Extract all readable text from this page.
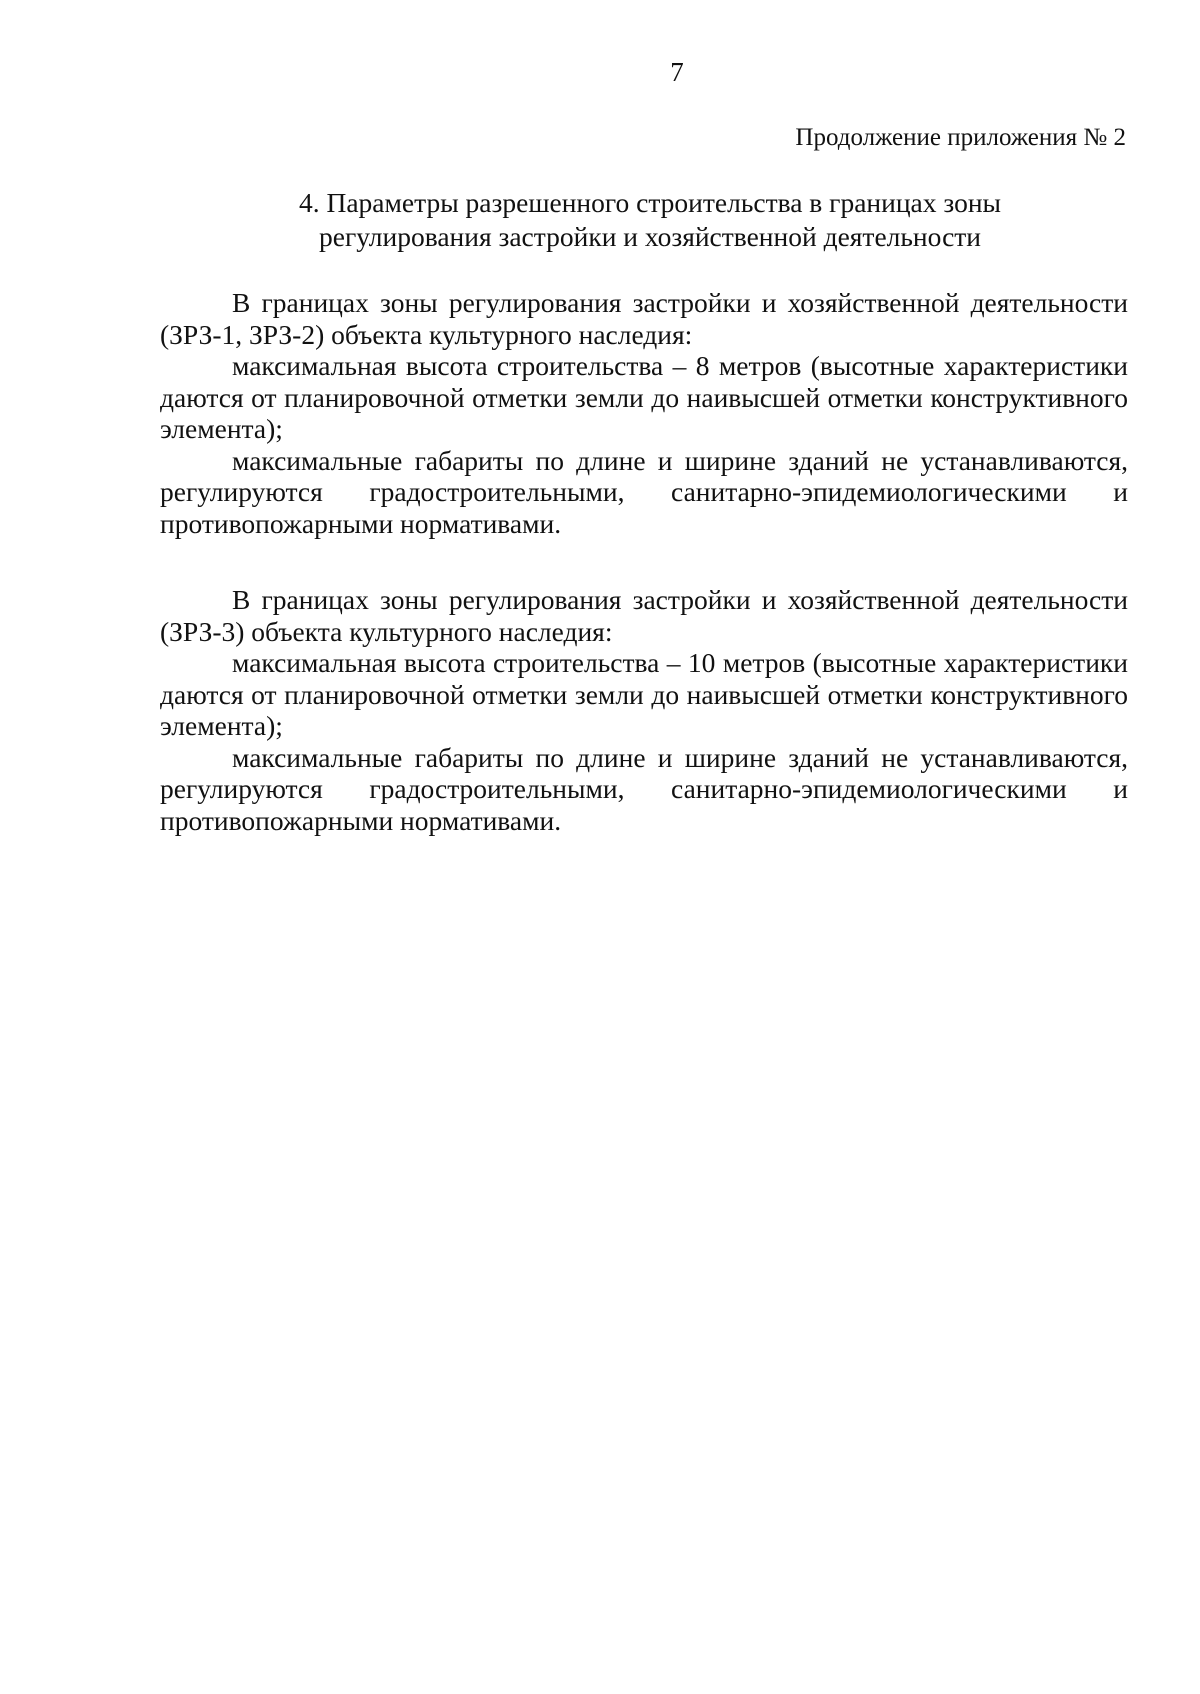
7
Продолжение приложения № 2
4. Параметры разрешенного строительства в границах зоны
регулирования застройки и хозяйственной деятельности

В границах зоны регулирования застройки и хозяйственной деятельности (ЗРЗ-1, ЗРЗ-2) объекта культурного наследия:

максимальная высота строительства – 8 метров (высотные характеристики даются от планировочной отметки земли до наивысшей отметки конструктивного элемента);

максимальные габариты по длине и ширине зданий не устанавливаются, регулируются градостроительными, санитарно-эпидемиологическими и противопожарными нормативами.

В границах зоны регулирования застройки и хозяйственной деятельности (ЗРЗ-3) объекта культурного наследия:

максимальная высота строительства – 10 метров (высотные характеристики даются от планировочной отметки земли до наивысшей отметки конструктивного элемента);

максимальные габариты по длине и ширине зданий не устанавливаются, регулируются градостроительными, санитарно-эпидемиологическими и противопожарными нормативами.
